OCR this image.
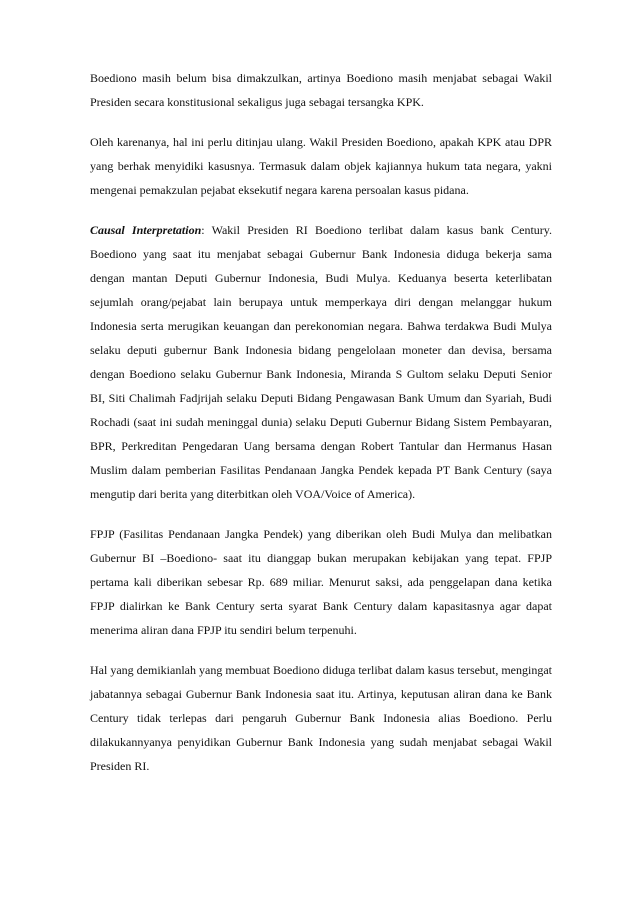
Boediono masih belum bisa dimakzulkan, artinya Boediono masih menjabat sebagai Wakil Presiden secara konstitusional sekaligus juga sebagai tersangka KPK.

Oleh karenanya, hal ini perlu ditinjau ulang. Wakil Presiden Boediono, apakah KPK atau DPR yang berhak menyidiki kasusnya. Termasuk dalam objek kajiannya hukum tata negara, yakni mengenai pemakzulan pejabat eksekutif negara karena persoalan kasus pidana.

Causal Interpretation: Wakil Presiden RI Boediono terlibat dalam kasus bank Century. Boediono yang saat itu menjabat sebagai Gubernur Bank Indonesia diduga bekerja sama dengan mantan Deputi Gubernur Indonesia, Budi Mulya. Keduanya beserta keterlibatan sejumlah orang/pejabat lain berupaya untuk memperkaya diri dengan melanggar hukum Indonesia serta merugikan keuangan dan perekonomian negara. Bahwa terdakwa Budi Mulya selaku deputi gubernur Bank Indonesia bidang pengelolaan moneter dan devisa, bersama dengan Boediono selaku Gubernur Bank Indonesia, Miranda S Gultom selaku Deputi Senior BI, Siti Chalimah Fadjrijah selaku Deputi Bidang Pengawasan Bank Umum dan Syariah, Budi Rochadi (saat ini sudah meninggal dunia) selaku Deputi Gubernur Bidang Sistem Pembayaran, BPR, Perkreditan Pengedaran Uang bersama dengan Robert Tantular dan Hermanus Hasan Muslim dalam pemberian Fasilitas Pendanaan Jangka Pendek kepada PT Bank Century (saya mengutip dari berita yang diterbitkan oleh VOA/Voice of America).

FPJP (Fasilitas Pendanaan Jangka Pendek) yang diberikan oleh Budi Mulya dan melibatkan Gubernur BI –Boediono- saat itu dianggap bukan merupakan kebijakan yang tepat. FPJP pertama kali diberikan sebesar Rp. 689 miliar. Menurut saksi, ada penggelapan dana ketika FPJP dialirkan ke Bank Century serta syarat Bank Century dalam kapasitasnya agar dapat menerima aliran dana FPJP itu sendiri belum terpenuhi.

Hal yang demikianlah yang membuat Boediono diduga terlibat dalam kasus tersebut, mengingat jabatannya sebagai Gubernur Bank Indonesia saat itu. Artinya, keputusan aliran dana ke Bank Century tidak terlepas dari pengaruh Gubernur Bank Indonesia alias Boediono. Perlu dilakukannyanya penyidikan Gubernur Bank Indonesia yang sudah menjabat sebagai Wakil Presiden RI.
